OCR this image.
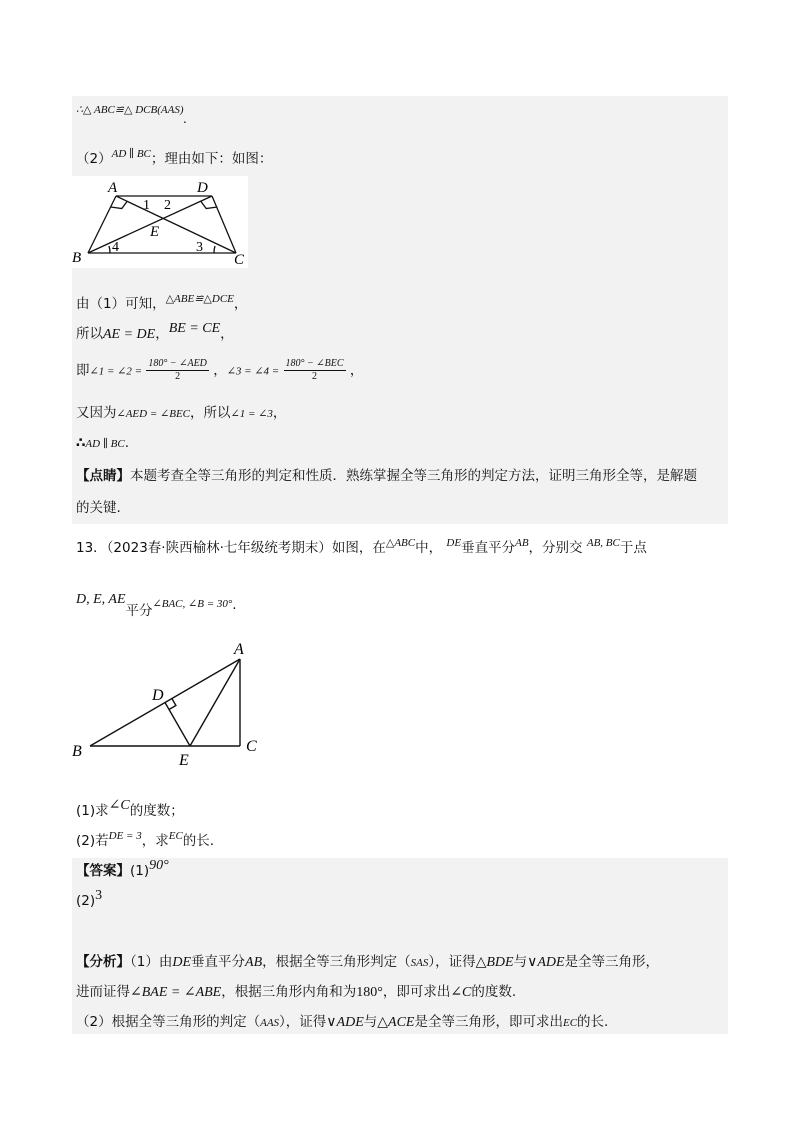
∴△ ABC≌△ DCB(AAS).
$(2)^{AD \parallel BC}$；理由如下：如图：
A	D
B	C
E
1 2
3
4
由（1）可知，$^{\triangle ABE≌\triangle DCE}$，
所以AE = DE，BE = CE，
即∠1 = ∠2 = $\frac{\text{180° − ∠AED}}{2}$ ，∠3 = ∠4 = $\frac{\text{180° − ∠BEC}}{2}$ ，
又因为∠AED = ∠BEC，所以∠1 = ∠3，
∴AD ∥ BC.
【点睛】本题考查全等三角形的判定和性质．熟练掌握全等三角形的判定方法，证明三角形全等，是解题
的关键.
13．（2023春·陕西榆林·七年级统考期末）如图，在$^{\triangle ABC}$中， $^{DE}$垂直平分$^{AB}$，分别交 $^{AB, BC}$于点
D, E, AE平分∠BAC, ∠B = 30°.
A
B	C
D
E
(1)求∠C的度数；
(2)若$^{DE = 3}$，求$^{EC}$的长.
【答案】(1)90°
(2)3
【分析】（1）由DE垂直平分AB，根据全等三角形判定（SAS），证得△BDE与∨ADE是全等三角形，
进而证得∠BAE = ∠ABE，根据三角形内角和为180°，即可求出∠C的度数.
（2）根据全等三角形的判定（AAS），证得∨ADE与△ACE是全等三角形，即可求出EC的长.
